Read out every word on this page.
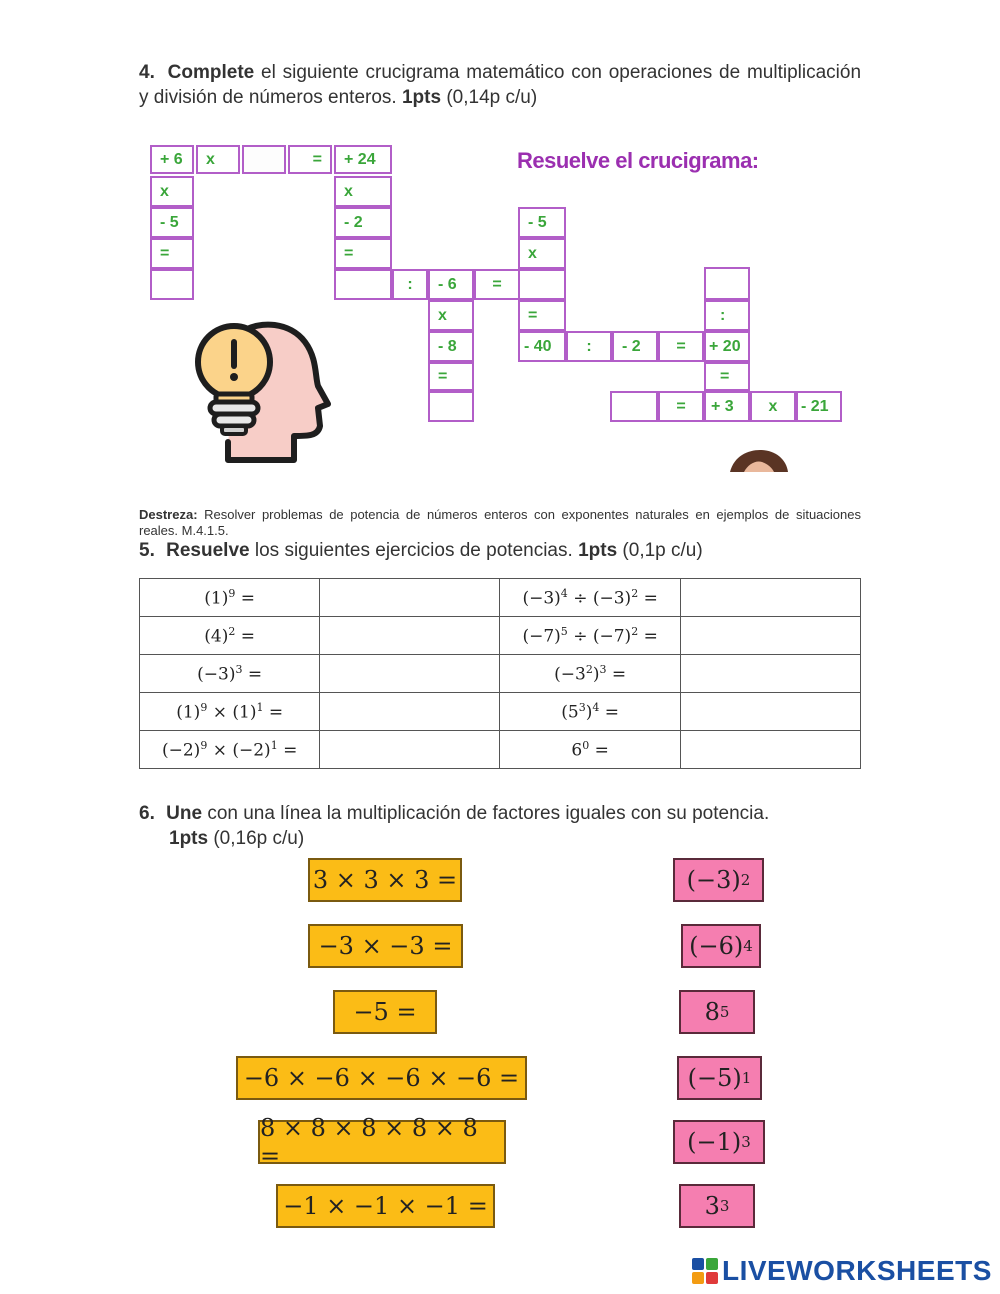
4. Complete el siguiente crucigrama matemático con operaciones de multiplicación y división de números enteros. 1pts (0,14p c/u)
Resuelve el crucigrama:
+ 6	x	=	+ 24
x
- 5
=
x
- 2
=
:	- 6	=
- 5
x
=
x
- 8
=
- 40	:	- 2	=	+ 20
:
=
=	+ 3	x	- 21
Destreza: Resolver problemas de potencia de números enteros con exponentes naturales en ejemplos de situaciones reales. M.4.1.5.
5. Resuelve los siguientes ejercicios de potencias. 1pts (0,1p c/u)
$(1)^9$ =		$(-3)^4 \div (-3)^2$ =	
$(4)^2$ =		$(-7)^5 \div (-7)^2$ =	
$(-3)^3$ =		$(-3^2)^3$ =	
$(1)^9 \times (1)^1$ =		$(5^3)^4$ =	
$(-2)^9 \times (-2)^1$ =		$6^0$ =	
6. Une con una línea la multiplicación de factores iguales con su potencia.
1pts (0,16p c/u)
3 × 3 × 3 =
−3 × −3 =
−5 =
−6 × −6 × −6 × −6 =
8 × 8 × 8 × 8 × 8 =
−1 × −1 × −1 =
(−3) 2
(−6) 4
8 5
(−5) 1
(−1) 3
3 3
LIVEWORKSHEETS
